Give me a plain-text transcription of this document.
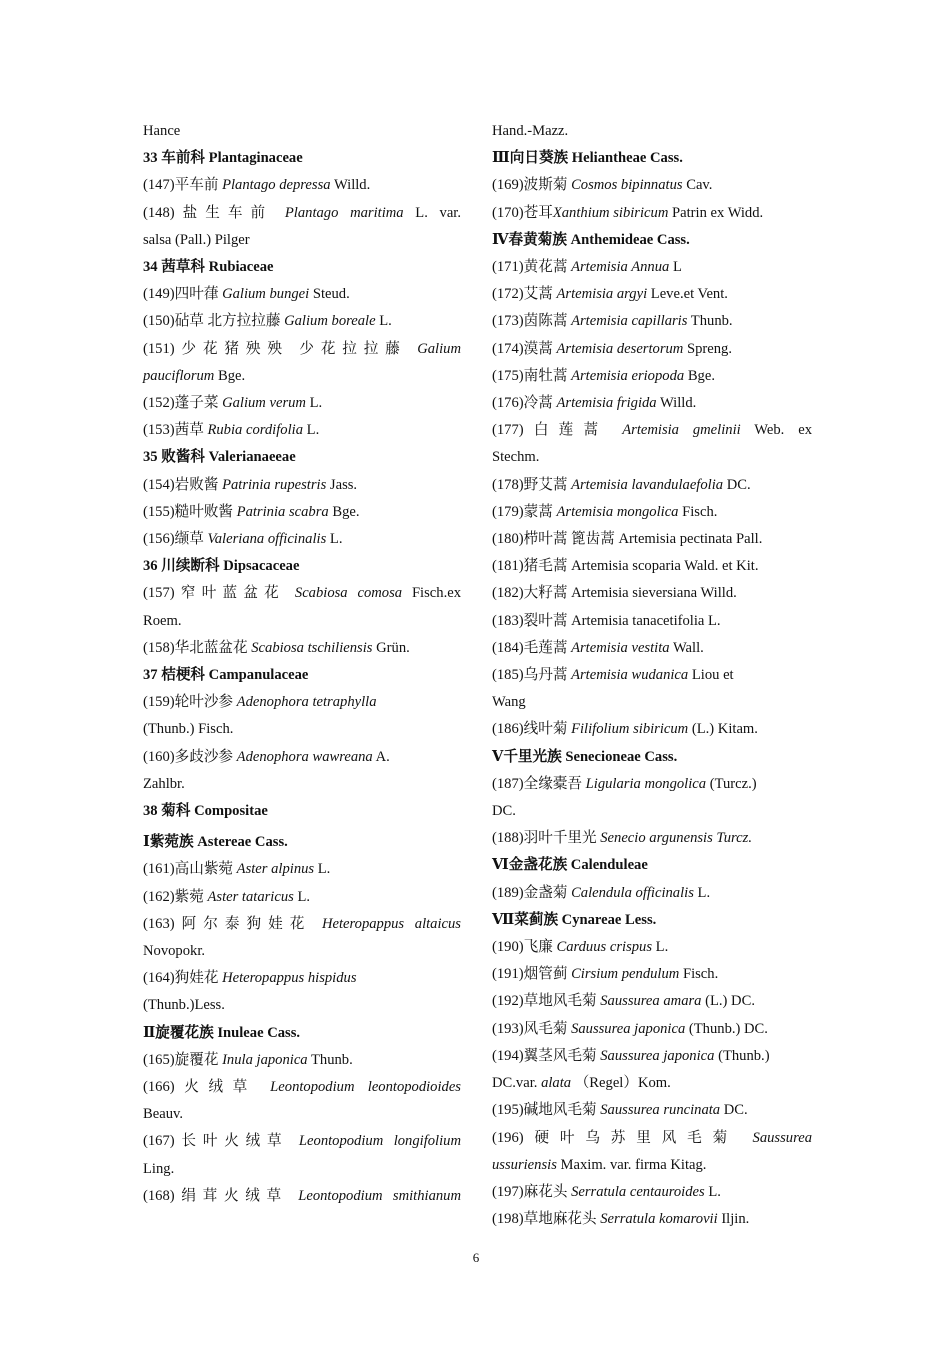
Hance
33 车前科 Plantaginaceae
(147)平车前 Plantago depressa Willd.
(148)盐生车前 Plantago maritima L. var.
salsa (Pall.) Pilger
34 茜草科 Rubiaceae
(149)四叶葎 Galium bungei Steud.
(150)砧草 北方拉拉藤 Galium boreale L.
(151)少花猪殃殃 少花拉拉藤 Galium
pauciflorum Bge.
(152)蓬子菜 Galium verum L.
(153)茜草 Rubia cordifolia L.
35 败酱科 Valerianaeeae
(154)岩败酱 Patrinia rupestris Jass.
(155)糙叶败酱 Patrinia scabra Bge.
(156)缬草 Valeriana officinalis L.
36 川续断科 Dipsacaceae
(157)窄叶蓝盆花 Scabiosa comosa Fisch.ex
Roem.
(158)华北蓝盆花 Scabiosa tschiliensis Grün.
37 桔梗科 Campanulaceae
(159)轮叶沙参 Adenophora tetraphylla
(Thunb.) Fisch.
(160)多歧沙参 Adenophora wawreana A.
Zahlbr.
38 菊科 Compositae
Ⅰ紫菀族 Astereae Cass.
(161)高山紫菀 Aster alpinus L.
(162)紫菀 Aster tataricus L.
(163)阿尔泰狗娃花 Heteropappus altaicus
Novopokr.
(164)狗娃花 Heteropappus hispidus
(Thunb.)Less.
Ⅱ旋覆花族 Inuleae Cass.
(165)旋覆花 Inula japonica Thunb.
(166)火绒草 Leontopodium leontopodioides
Beauv.
(167)长叶火绒草 Leontopodium longifolium
Ling.
(168)绢茸火绒草 Leontopodium smithianum
Hand.-Mazz.
Ⅲ向日葵族 Heliantheae Cass.
(169)波斯菊 Cosmos bipinnatus Cav.
(170)苍耳Xanthium sibiricum Patrin ex Widd.
Ⅳ春黄菊族 Anthemideae Cass.
(171)黄花蒿 Artemisia Annua L
(172)艾蒿 Artemisia argyi Leve.et Vent.
(173)茵陈蒿 Artemisia capillaris Thunb.
(174)漠蒿 Artemisia desertorum Spreng.
(175)南牡蒿 Artemisia eriopoda Bge.
(176)冷蒿 Artemisia frigida Willd.
(177)白莲蒿 Artemisia gmelinii Web. ex
Stechm.
(178)野艾蒿 Artemisia lavandulaefolia DC.
(179)蒙蒿 Artemisia mongolica Fisch.
(180)栉叶蒿 篦齿蒿 Artemisia pectinata Pall.
(181)猪毛蒿 Artemisia scoparia Wald. et Kit.
(182)大籽蒿 Artemisia sieversiana Willd.
(183)裂叶蒿 Artemisia tanacetifolia L.
(184)毛莲蒿 Artemisia vestita Wall.
(185)乌丹蒿 Artemisia wudanica Liou et
Wang
(186)线叶菊 Filifolium sibiricum (L.) Kitam.
Ⅴ千里光族 Senecioneae Cass.
(187)全缘橐吾 Ligularia mongolica (Turcz.)
DC.
(188)羽叶千里光 Senecio argunensis Turcz.
Ⅵ金盏花族 Calenduleae
(189)金盏菊 Calendula officinalis L.
Ⅶ菜蓟族 Cynareae Less.
(190)飞廉 Carduus crispus L.
(191)烟管蓟 Cirsium pendulum Fisch.
(192)草地风毛菊 Saussurea amara (L.) DC.
(193)风毛菊 Saussurea japonica (Thunb.) DC.
(194)翼茎风毛菊 Saussurea japonica (Thunb.)
DC.var. alata （Regel）Kom.
(195)碱地风毛菊 Saussurea runcinata DC.
(196)硬叶乌苏里风毛菊 Saussurea
ussuriensis Maxim. var. firma Kitag.
(197)麻花头 Serratula centauroides L.
(198)草地麻花头 Serratula komarovii Iljin.
6
